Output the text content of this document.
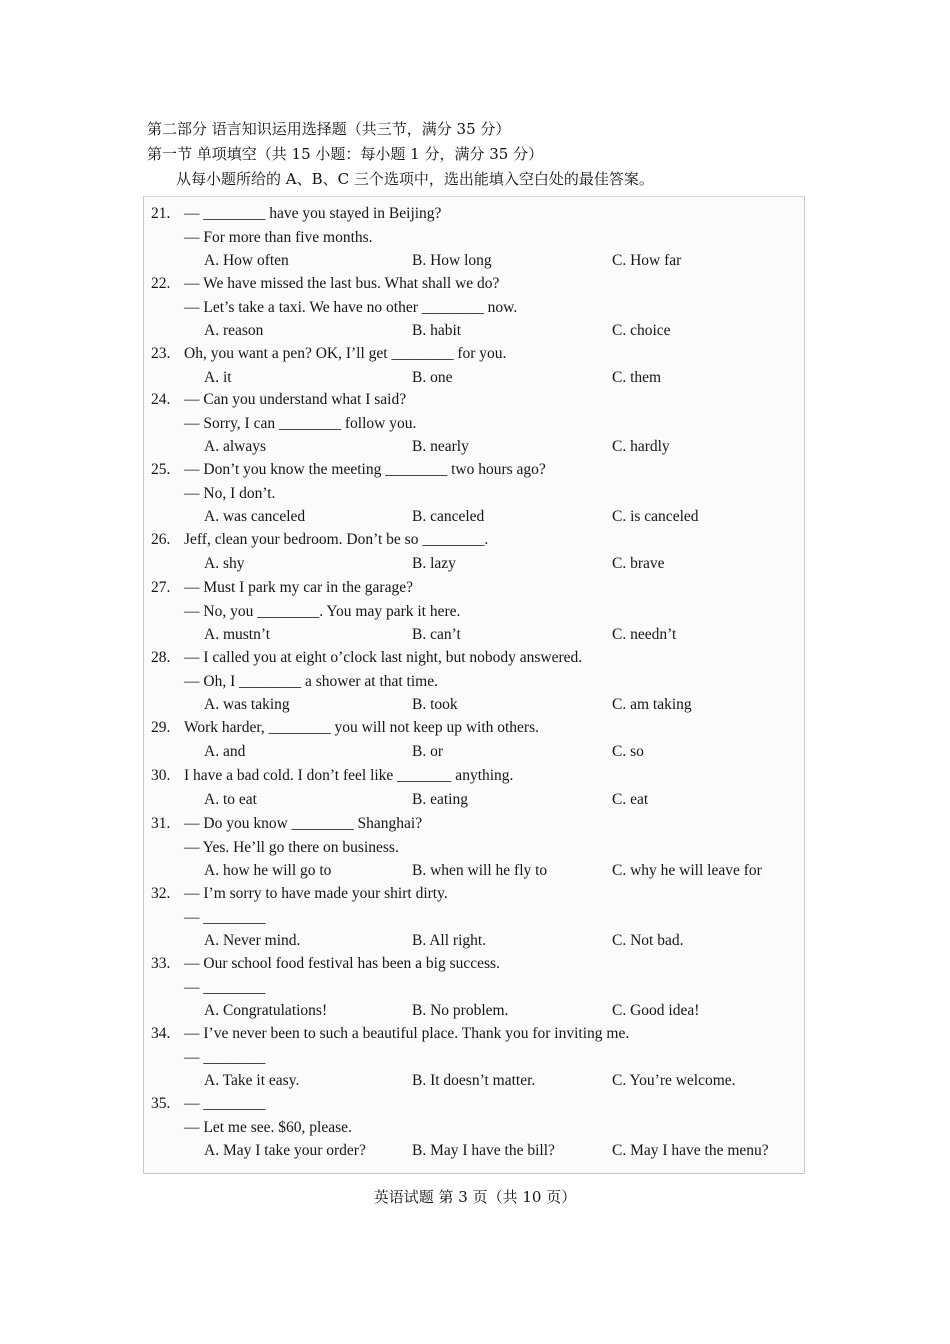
第二部分 语言知识运用选择题（共三节，满分 35 分）
第一节 单项填空（共 15 小题：每小题 1 分，满分 35 分）
从每小题所给的 A、B、C 三个选项中，选出能填入空白处的最佳答案。
21. — ________ have you stayed in Beijing?
— For more than five months.
A. How often	B. How long	C. How far
22. — We have missed the last bus. What shall we do?
— Let’s take a taxi. We have no other ________ now.
A. reason	B. habit	C. choice
23. Oh, you want a pen? OK, I’ll get ________ for you.
A. it	B. one	C. them
24. — Can you understand what I said?
— Sorry, I can ________ follow you.
A. always	B. nearly	C. hardly
25. — Don’t you know the meeting ________ two hours ago?
— No, I don’t.
A. was canceled	B. canceled	C. is canceled
26. Jeff, clean your bedroom. Don’t be so ________.
A. shy	B. lazy	C. brave
27. — Must I park my car in the garage?
— No, you ________. You may park it here.
A. mustn’t	B. can’t	C. needn’t
28. — I called you at eight o’clock last night, but nobody answered.
— Oh, I ________ a shower at that time.
A. was taking	B. took	C. am taking
29. Work harder, ________ you will not keep up with others.
A. and	B. or	C. so
30. I have a bad cold. I don’t feel like _______ anything.
A. to eat	B. eating	C. eat
31. — Do you know ________ Shanghai?
— Yes. He’ll go there on business.
A. how he will go to	B. when will he fly to	C. why he will leave for
32. — I’m sorry to have made your shirt dirty.
— ________
A. Never mind.	B. All right.	C. Not bad.
33. — Our school food festival has been a big success.
— ________
A. Congratulations!	B. No problem.	C. Good idea!
34. — I’ve never been to such a beautiful place. Thank you for inviting me.
— ________
A. Take it easy.	B. It doesn’t matter.	C. You’re welcome.
35. — ________
— Let me see. $60, please.
A. May I take your order?	B. May I have the bill?	C. May I have the menu?
英语试题 第 3 页（共 10 页）
